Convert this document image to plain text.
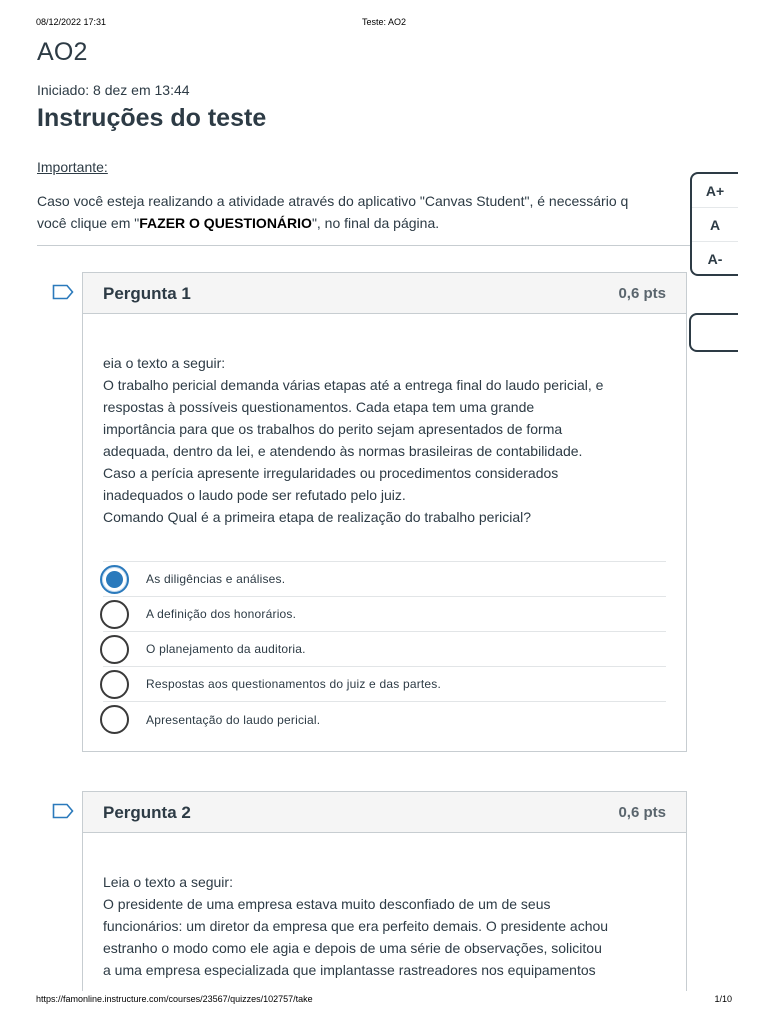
08/12/2022 17:31	Teste: AO2
AO2
Iniciado: 8 dez em 13:44
Instruções do teste
Importante:
Caso você esteja realizando a atividade através do aplicativo "Canvas Student", é necessário q
você clique em "FAZER O QUESTIONÁRIO", no final da página.
A+
A
A-
Pergunta 1	0,6 pts

eia o texto a seguir:

O trabalho pericial demanda várias etapas até a entrega final do laudo pericial, e

respostas à possíveis questionamentos. Cada etapa tem uma grande

importância para que os trabalhos do perito sejam apresentados de forma

adequada, dentro da lei, e atendendo às normas brasileiras de contabilidade.

Caso a perícia apresente irregularidades ou procedimentos considerados

inadequados o laudo pode ser refutado pelo juiz.

Comando Qual é a primeira etapa de realização do trabalho pericial?

As diligências e análises.
A definição dos honorários.
O planejamento da auditoria.
Respostas aos questionamentos do juiz e das partes.
Apresentação do laudo pericial.
Pergunta 2	0,6 pts

Leia o texto a seguir:

O presidente de uma empresa estava muito desconfiado de um de seus

funcionários: um diretor da empresa que era perfeito demais. O presidente achou

estranho o modo como ele agia e depois de uma série de observações, solicitou

a uma empresa especializada que implantasse rastreadores nos equipamentos

https://famonline.instructure.com/courses/23567/quizzes/102757/take	1/10
